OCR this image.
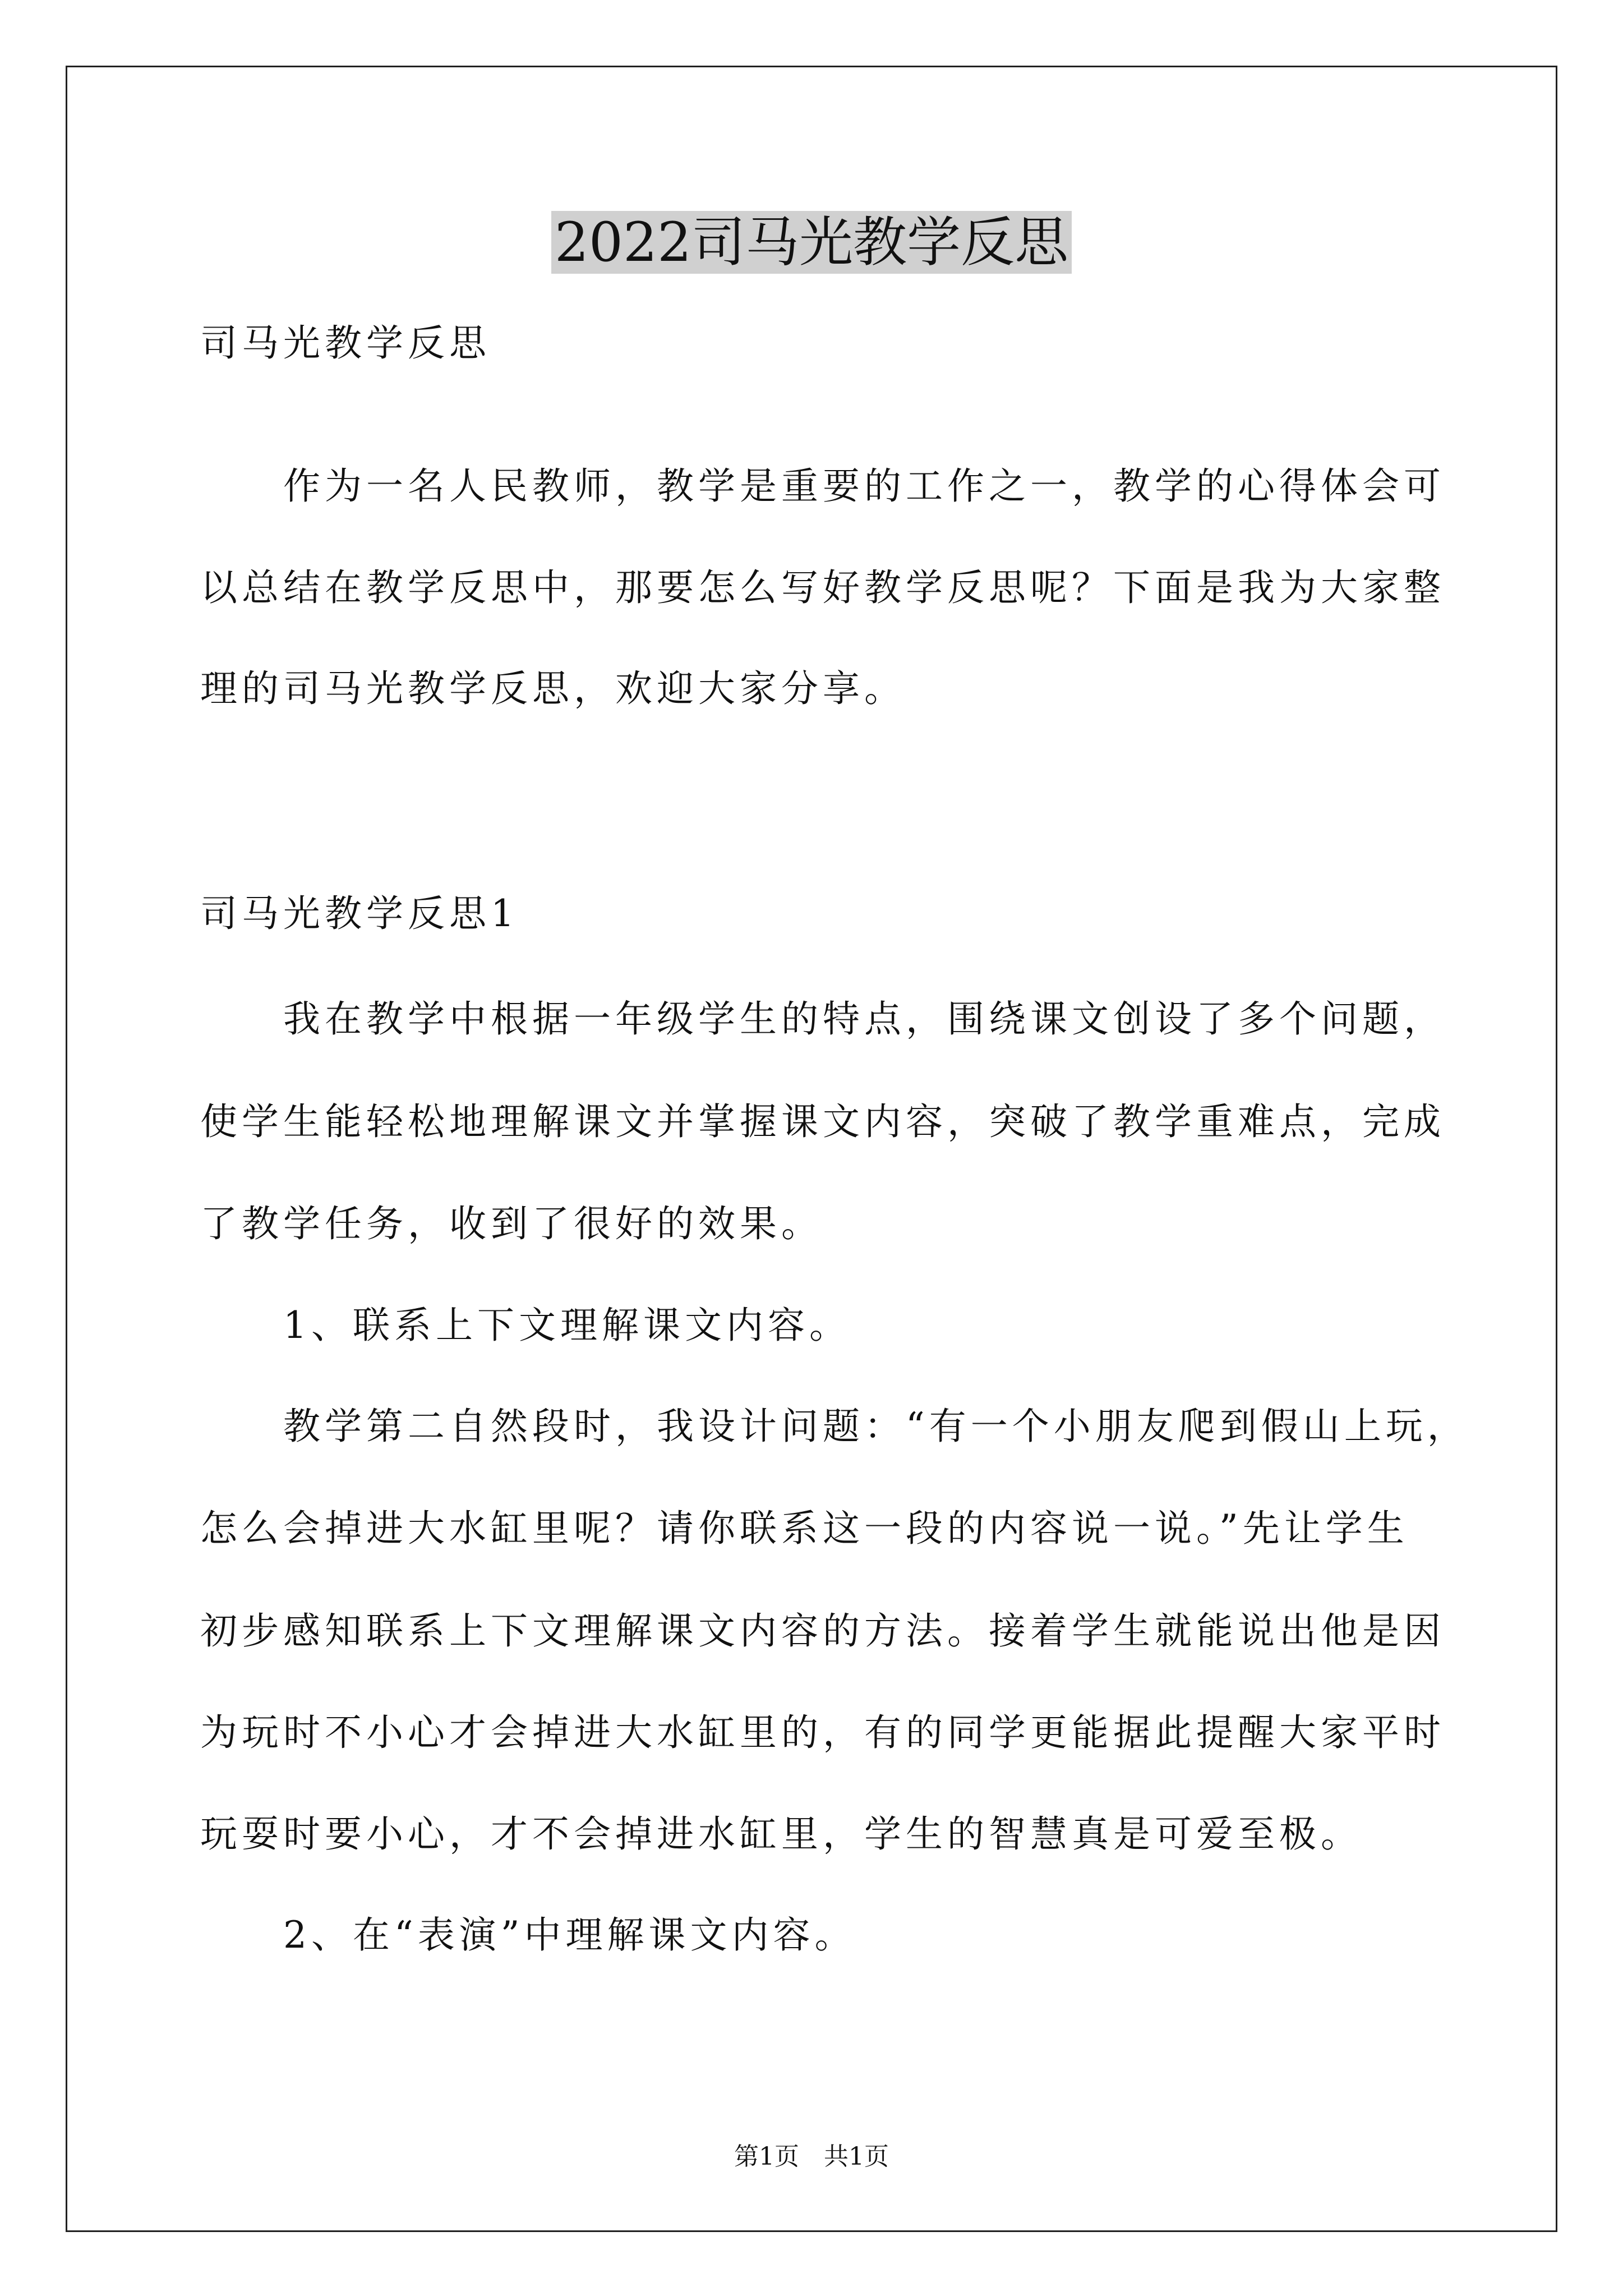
2022司马光教学反思
司马光教学反思
　　作为一名人民教师，教学是重要的工作之一，教学的心得体会可
以总结在教学反思中，那要怎么写好教学反思呢？下面是我为大家整
理的司马光教学反思，欢迎大家分享。
司马光教学反思1
　　我在教学中根据一年级学生的特点，围绕课文创设了多个问题，
使学生能轻松地理解课文并掌握课文内容，突破了教学重难点，完成
了教学任务，收到了很好的效果。
　　1、联系上下文理解课文内容。
　　教学第二自然段时，我设计问题：“有一个小朋友爬到假山上玩，
怎么会掉进大水缸里呢？请你联系这一段的内容说一说。”先让学生
初步感知联系上下文理解课文内容的方法。接着学生就能说出他是因
为玩时不小心才会掉进大水缸里的，有的同学更能据此提醒大家平时
玩耍时要小心，才不会掉进水缸里，学生的智慧真是可爱至极。
　　2、在“表演”中理解课文内容。
第1页　共1页
